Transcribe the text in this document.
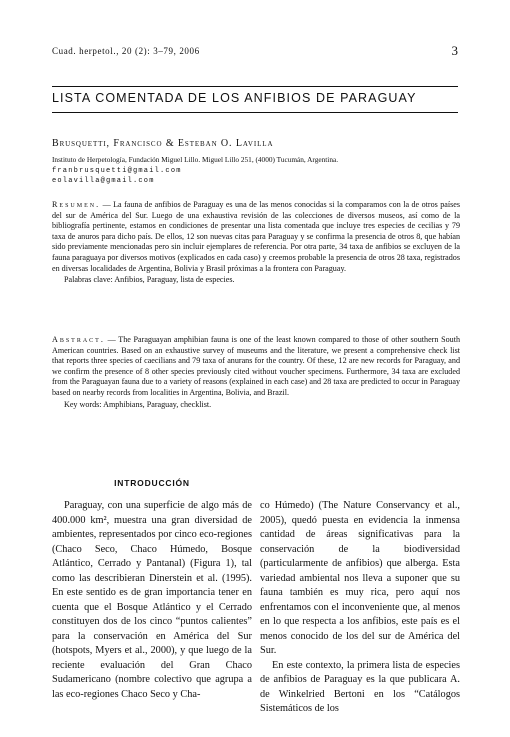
Cuad. herpetol., 20 (2): 3–79, 2006	3
LISTA COMENTADA DE LOS ANFIBIOS DE PARAGUAY
Brusquetti, Francisco & Esteban O. Lavilla
Instituto de Herpetología, Fundación Miguel Lillo. Miguel Lillo 251, (4000) Tucumán, Argentina.
franbrusquetti@gmail.com
eolavilla@gmail.com

Resumen. — La fauna de anfibios de Paraguay es una de las menos conocidas si la comparamos con la de otros países del sur de América del Sur. Luego de una exhaustiva revisión de las colecciones de diversos museos, así como de la bibliografía pertinente, estamos en condiciones de presentar una lista comentada que incluye tres especies de cecilias y 79 taxa de anuros para dicho país. De ellos, 12 son nuevas citas para Paraguay y se confirma la presencia de otros 8, que habían sido previamente mencionadas pero sin incluir ejemplares de referencia. Por otra parte, 34 taxa de anfibios se excluyen de la fauna paraguaya por diversos motivos (explicados en cada caso) y creemos probable la presencia de otros 28 taxa, registrados en diversas localidades de Argentina, Bolivia y Brasil próximas a la frontera con Paraguay.

Palabras clave: Anfibios, Paraguay, lista de especies.

Abstract. — The Paraguayan amphibian fauna is one of the least known compared to those of other southern South American countries. Based on an exhaustive survey of museums and the literature, we present a comprehensive check list that reports three species of caecilians and 79 taxa of anurans for the country. Of these, 12 are new records for Paraguay, and we confirm the presence of 8 other species previously cited without voucher specimens. Furthermore, 34 taxa are excluded from the Paraguayan fauna due to a variety of reasons (explained in each case) and 28 taxa are predicted to occur in Paraguay based on nearby records from localities in Argentina, Bolivia, and Brazil.

Key words: Amphibians, Paraguay, checklist.

INTRODUCCIÓN

Paraguay, con una superficie de algo más de 400.000 km², muestra una gran diversidad de ambientes, representados por cinco eco-regiones (Chaco Seco, Chaco Húmedo, Bosque Atlántico, Cerrado y Pantanal) (Figura 1), tal como las describieran Dinerstein et al. (1995). En este sentido es de gran importancia tener en cuenta que el Bosque Atlántico y el Cerrado constituyen dos de los cinco “puntos calientes” para la conservación en América del Sur (hotspots, Myers et al., 2000), y que luego de la reciente evaluación del Gran Chaco Sudamericano (nombre colectivo que agrupa a las eco-regiones Chaco Seco y Cha-

co Húmedo) (The Nature Conservancy et al., 2005), quedó puesta en evidencia la inmensa cantidad de áreas significativas para la conservación de la biodiversidad (particularmente de anfibios) que alberga. Esta variedad ambiental nos lleva a suponer que su fauna también es muy rica, pero aquí nos enfrentamos con el inconveniente que, al menos en lo que respecta a los anfibios, este país es el menos conocido de los del sur de América del Sur.

En este contexto, la primera lista de especies de anfibios de Paraguay es la que publicara A. de Winkelried Bertoni en los “Catálogos Sistemáticos de los
